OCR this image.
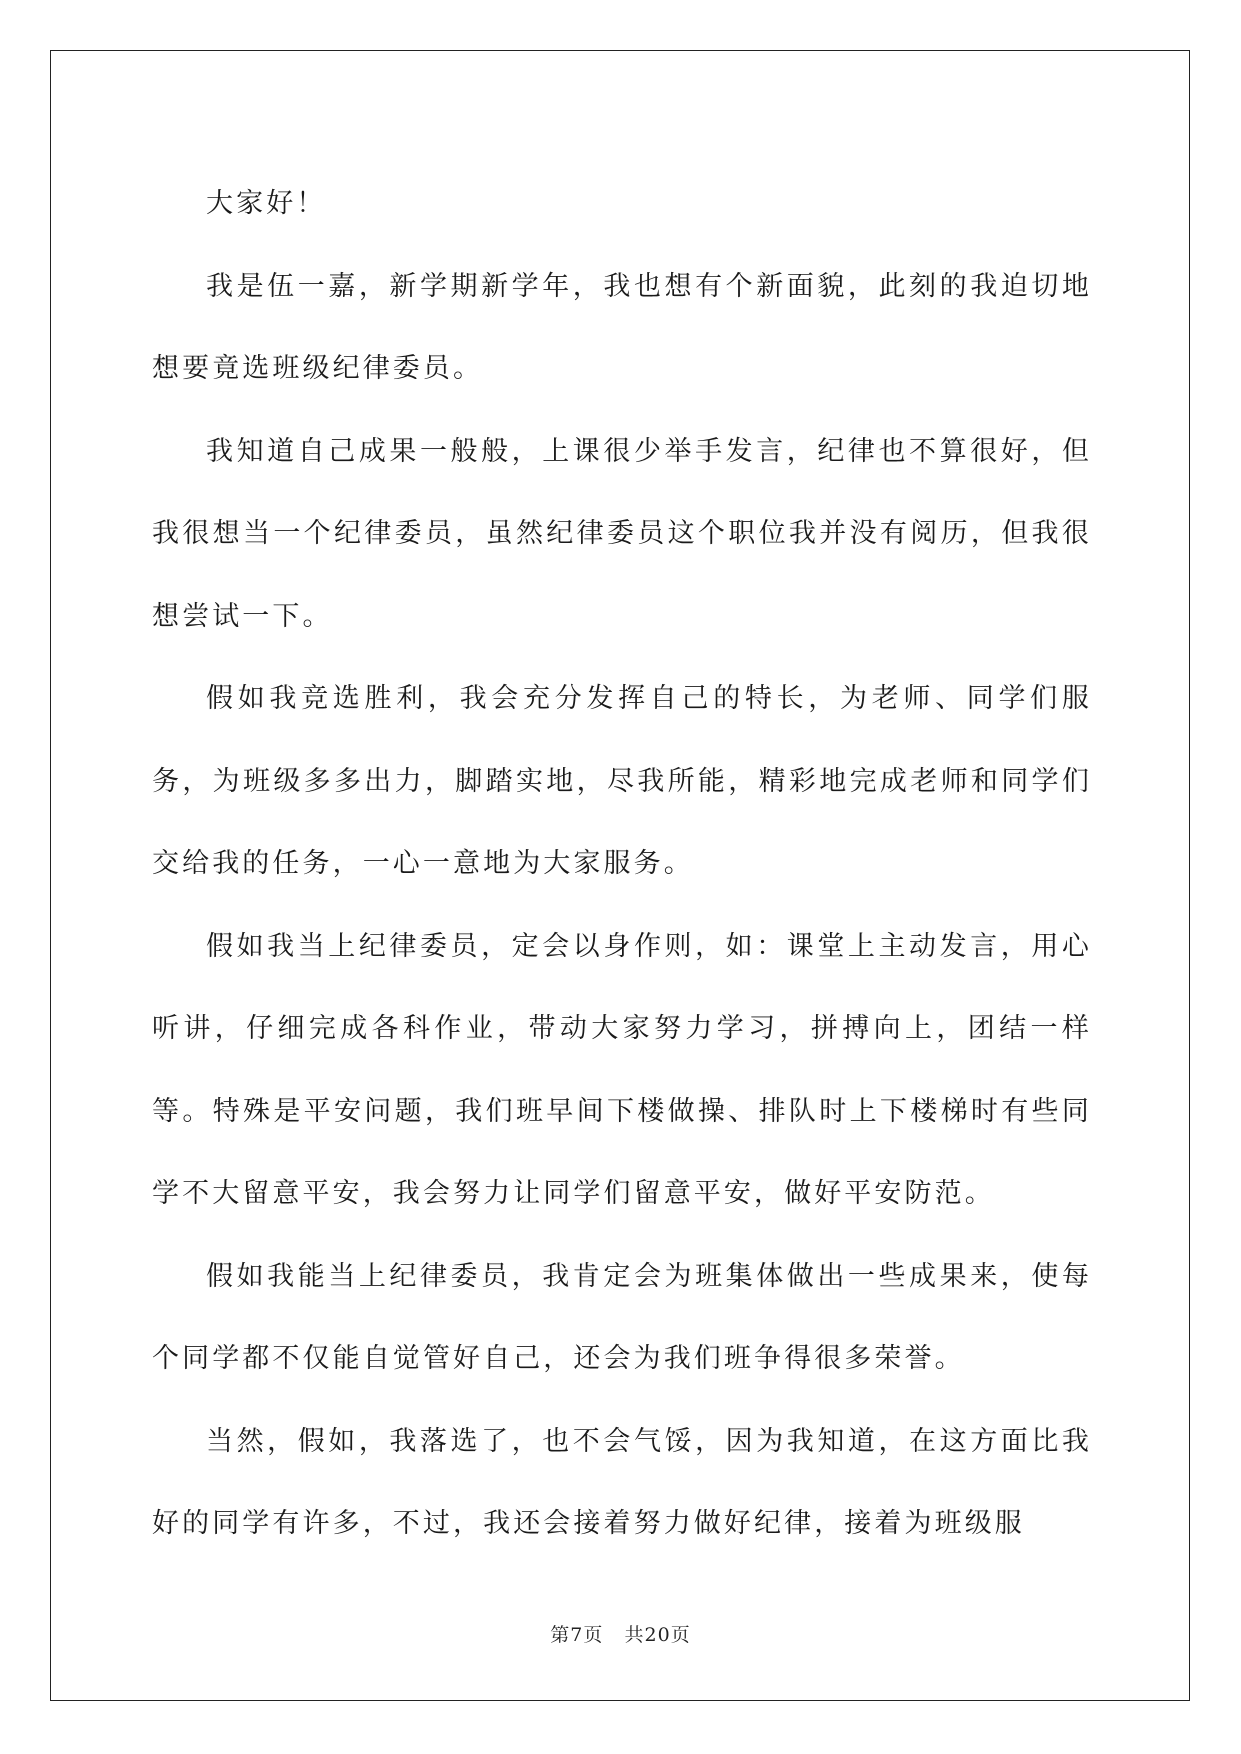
大家好！

我是伍一嘉，新学期新学年，我也想有个新面貌，此刻的我迫切地想要竟选班级纪律委员。

我知道自己成果一般般，上课很少举手发言，纪律也不算很好，但我很想当一个纪律委员，虽然纪律委员这个职位我并没有阅历，但我很想尝试一下。

假如我竞选胜利，我会充分发挥自己的特长，为老师、同学们服务，为班级多多出力，脚踏实地，尽我所能，精彩地完成老师和同学们交给我的任务，一心一意地为大家服务。

假如我当上纪律委员，定会以身作则，如：课堂上主动发言，用心听讲，仔细完成各科作业，带动大家努力学习，拼搏向上，团结一样等。特殊是平安问题，我们班早间下楼做操、排队时上下楼梯时有些同学不大留意平安，我会努力让同学们留意平安，做好平安防范。

假如我能当上纪律委员，我肯定会为班集体做出一些成果来，使每个同学都不仅能自觉管好自己，还会为我们班争得很多荣誉。

当然，假如，我落选了，也不会气馁，因为我知道，在这方面比我好的同学有许多，不过，我还会接着努力做好纪律，接着为班级服

第7页 共20页
